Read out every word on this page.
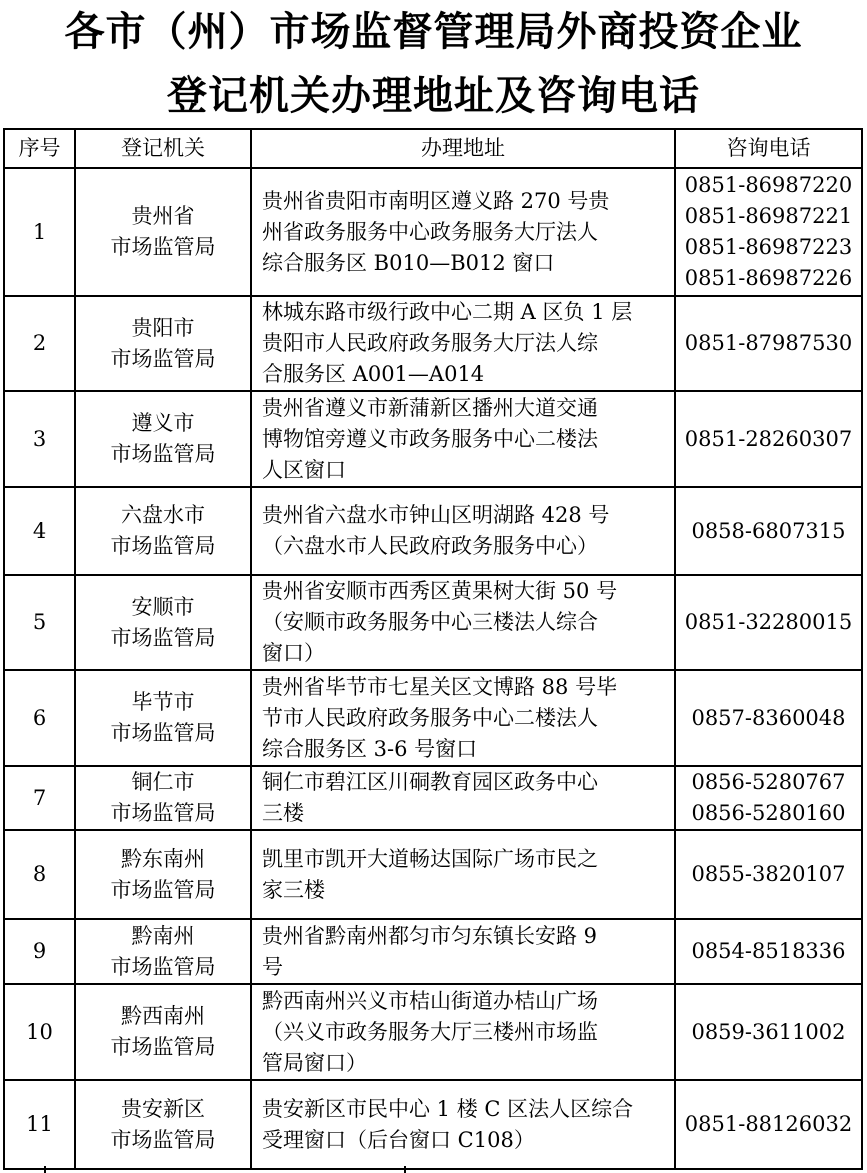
各市（州）市场监督管理局外商投资企业
登记机关办理地址及咨询电话
序号	登记机关	办理地址	咨询电话
1	贵州省
市场监管局	贵州省贵阳市南明区遵义路 270 号贵
州省政务服务中心政务服务大厅法人
综合服务区 B010—B012 窗口	0851-86987220
0851-86987221
0851-86987223
0851-86987226

2	贵阳市
市场监管局	林城东路市级行政中心二期 A 区负 1 层
贵阳市人民政府政务服务大厅法人综
合服务区 A001—A014	0851-87987530

3	遵义市
市场监管局	贵州省遵义市新蒲新区播州大道交通
博物馆旁遵义市政务服务中心二楼法
人区窗口	0851-28260307

4	六盘水市
市场监管局	贵州省六盘水市钟山区明湖路 428 号
（六盘水市人民政府政务服务中心）	0858-6807315

5	安顺市
市场监管局	贵州省安顺市西秀区黄果树大街 50 号
（安顺市政务服务中心三楼法人综合
窗口）	0851-32280015

6	毕节市
市场监管局	贵州省毕节市七星关区文博路 88 号毕
节市人民政府政务服务中心二楼法人
综合服务区 3-6 号窗口	0857-8360048

7	铜仁市
市场监管局	铜仁市碧江区川硐教育园区政务中心
三楼	0856-5280767
0856-5280160

8	黔东南州
市场监管局	凯里市凯开大道畅达国际广场市民之
家三楼	0855-3820107

9	黔南州
市场监管局	贵州省黔南州都匀市匀东镇长安路 9
号	0854-8518336

10	黔西南州
市场监管局	黔西南州兴义市桔山街道办桔山广场
（兴义市政务服务大厅三楼州市场监
管局窗口）	0859-3611002

11	贵安新区
市场监管局	贵安新区市民中心 1 楼 C 区法人区综合
受理窗口（后台窗口 C108）	0851-88126032
